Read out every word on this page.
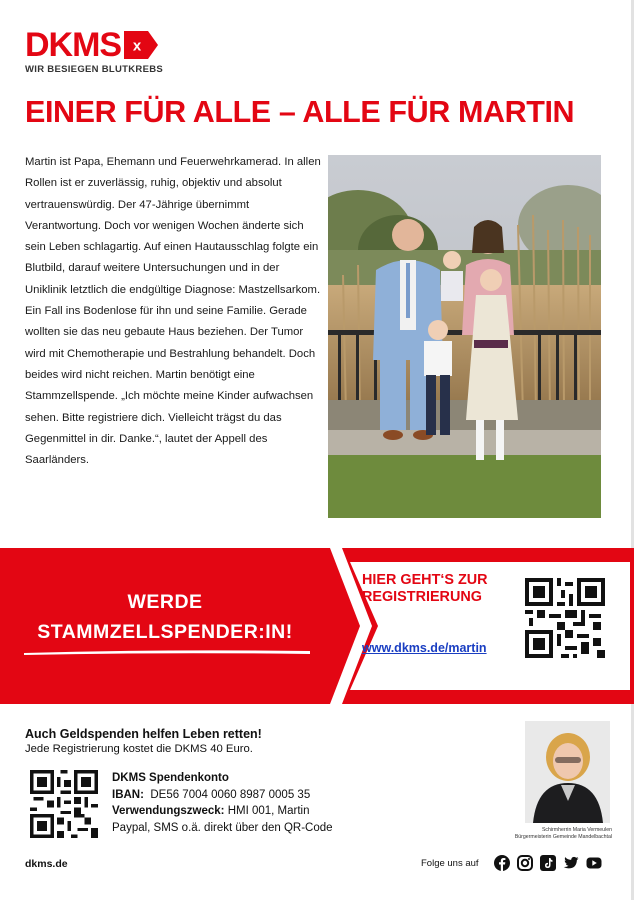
DKMS x
WIR BESIEGEN BLUTKREBS
EINER FÜR ALLE – ALLE FÜR MARTIN

Martin ist Papa, Ehemann und Feuerwehrkamerad. In allen Rollen ist er zuverlässig, ruhig, objektiv und absolut vertrauenswürdig. Der 47-Jährige übernimmt Verantwortung. Doch vor wenigen Wochen änderte sich sein Leben schlagartig. Auf einen Hautausschlag folgte ein Blutbild, darauf weitere Untersuchungen und in der Uniklinik letztlich die endgültige Diagnose: Mastzellsarkom. Ein Fall ins Bodenlose für ihn und seine Familie. Gerade wollten sie das neu gebaute Haus beziehen. Der Tumor wird mit Chemotherapie und Bestrahlung behandelt. Doch beides wird nicht reichen. Martin benötigt eine Stammzellspende. „Ich möchte meine Kinder aufwachsen sehen. Bitte registriere dich. Vielleicht trägst du das Gegenmittel in dir. Danke.“, lautet der Appell des Saarländers.

WERDE
STAMMZELLSPENDER:IN!
HIER GEHT‘S ZUR REGISTRIERUNG
www.dkms.de/martin
Auch Geldspenden helfen Leben retten!
Jede Registrierung kostet die DKMS 40 Euro.
DKMS Spendenkonto
IBAN: DE56 7004 0060 8987 0005 35
Verwendungszweck: HMI 001, Martin
Paypal, SMS o.ä. direkt über den QR-Code	Schirmherrin Maria Vermeulen
Bürgermeisterin Gemeinde Mandelbachtal
dkms.de	Folge uns auf
